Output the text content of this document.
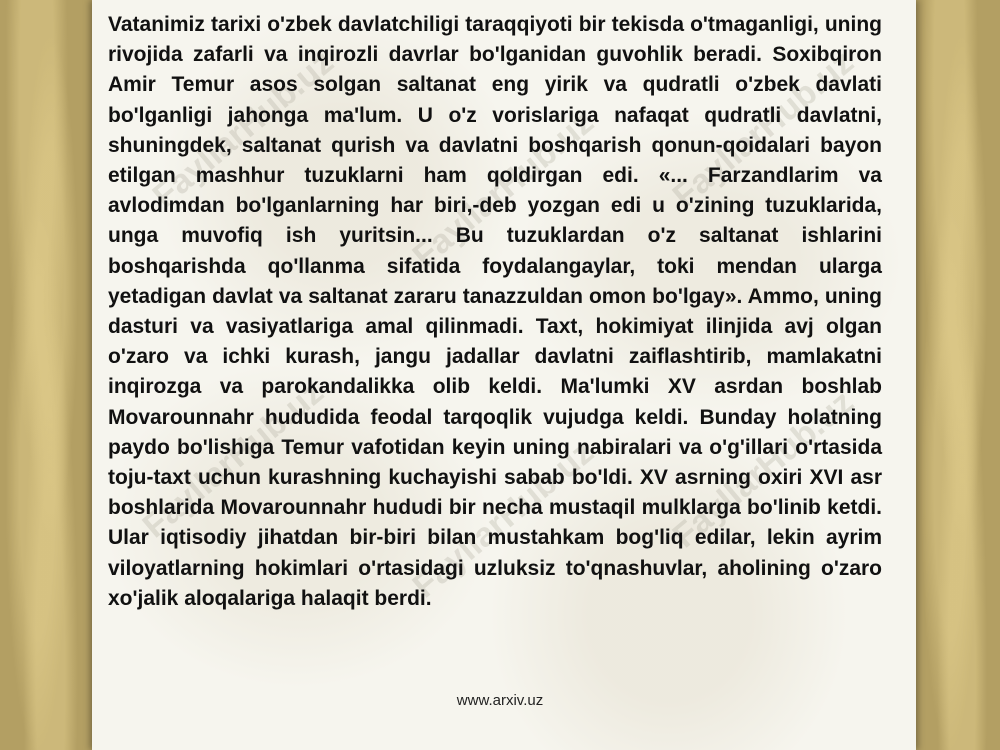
FayllarHub.uz FayllarHub.uz FayllarHub.uz
FayllarHub.uz FayllarHub.uz FayllarHub.uz

Vatanimiz tarixi o'zbek davlatchiligi taraqqiyoti bir tekisda o'tmaganligi, uning rivojida zafarli va inqirozli davrlar bo'lganidan guvohlik beradi. Soxibqiron Amir Temur asos solgan saltanat eng yirik va qudratli o'zbek davlati bo'lganligi jahonga ma'lum. U o'z vorislariga nafaqat qudratli davlatni, shuningdek, saltanat qurish va davlatni boshqarish qonun-qoidalari bayon etilgan mashhur tuzuklarni ham qoldirgan edi. «... Farzandlarim va avlodimdan bo'lganlarning har biri,-deb yozgan edi u o'zining tuzuklarida, unga muvofiq ish yuritsin... Bu tuzuklardan o'z saltanat ishlarini boshqarishda qo'llanma sifatida foydalangaylar, toki mendan ularga yetadigan davlat va saltanat zararu tanazzuldan omon bo'lgay». Ammo, uning dasturi va vasiyatlariga amal qilinmadi. Taxt, hokimiyat ilinjida avj olgan o'zaro va ichki kurash, jangu jadallar davlatni zaiflashtirib, mamlakatni inqirozga va parokandalikka olib keldi. Ma'lumki XV asrdan boshlab Movarounnahr hududida feodal tarqoqlik vujudga keldi. Bunday holatning paydo bo'lishiga Temur vafotidan keyin uning nabiralari va o'g'illari o'rtasida toju-taxt uchun kurashning kuchayishi sabab bo'ldi. XV asrning oxiri XVI asr boshlarida Movarounnahr hududi bir necha mustaqil mulklarga bo'linib ketdi. Ular iqtisodiy jihatdan bir-biri bilan mustahkam bog'liq edilar, lekin ayrim viloyatlarning hokimlari o'rtasidagi uzluksiz to'qnashuvlar, aholining o'zaro xo'jalik aloqalariga halaqit berdi.

www.arxiv.uz
